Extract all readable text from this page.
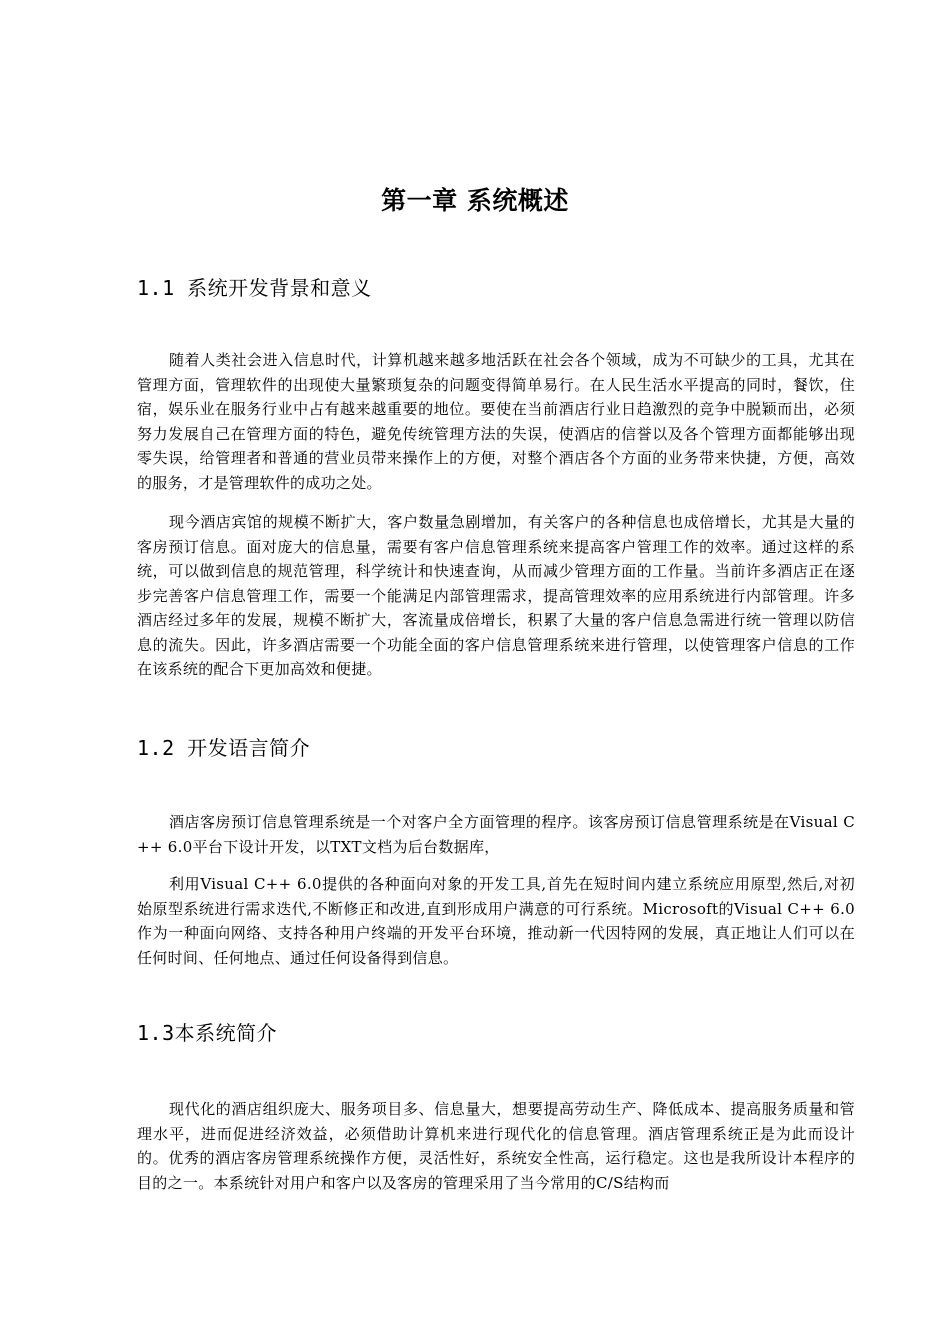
第一章 系统概述
1.1 系统开发背景和意义

随着人类社会进入信息时代，计算机越来越多地活跃在社会各个领域，成为不可缺少的工具，尤其在管理方面，管理软件的出现使大量繁琐复杂的问题变得简单易行。在人民生活水平提高的同时，餐饮，住宿，娱乐业在服务行业中占有越来越重要的地位。要使在当前酒店行业日趋激烈的竞争中脱颖而出，必须努力发展自己在管理方面的特色，避免传统管理方法的失误，使酒店的信誉以及各个管理方面都能够出现零失误，给管理者和普通的营业员带来操作上的方便，对整个酒店各个方面的业务带来快捷，方便，高效的服务，才是管理软件的成功之处。

现今酒店宾馆的规模不断扩大，客户数量急剧增加，有关客户的各种信息也成倍增长，尤其是大量的客房预订信息。面对庞大的信息量，需要有客户信息管理系统来提高客户管理工作的效率。通过这样的系统，可以做到信息的规范管理，科学统计和快速查询，从而减少管理方面的工作量。当前许多酒店正在逐步完善客户信息管理工作，需要一个能满足内部管理需求，提高管理效率的应用系统进行内部管理。许多酒店经过多年的发展，规模不断扩大，客流量成倍增长，积累了大量的客户信息急需进行统一管理以防信息的流失。因此，许多酒店需要一个功能全面的客户信息管理系统来进行管理，以使管理客户信息的工作在该系统的配合下更加高效和便捷。

1.2 开发语言简介

酒店客房预订信息管理系统是一个对客户全方面管理的程序。该客房预订信息管理系统是在Visual C++ 6.0平台下设计开发，以TXT文档为后台数据库，

利用Visual C++ 6.0提供的各种面向对象的开发工具,首先在短时间内建立系统应用原型,然后,对初始原型系统进行需求迭代,不断修正和改进,直到形成用户满意的可行系统。Microsoft的Visual C++ 6.0作为一种面向网络、支持各种用户终端的开发平台环境，推动新一代因特网的发展，真正地让人们可以在任何时间、任何地点、通过任何设备得到信息。

1.3本系统简介

现代化的酒店组织庞大、服务项目多、信息量大，想要提高劳动生产、降低成本、提高服务质量和管理水平，进而促进经济效益，必须借助计算机来进行现代化的信息管理。酒店管理系统正是为此而设计的。优秀的酒店客房管理系统操作方便，灵活性好，系统安全性高，运行稳定。这也是我所设计本程序的目的之一。本系统针对用户和客户以及客房的管理采用了当今常用的C/S结构而
